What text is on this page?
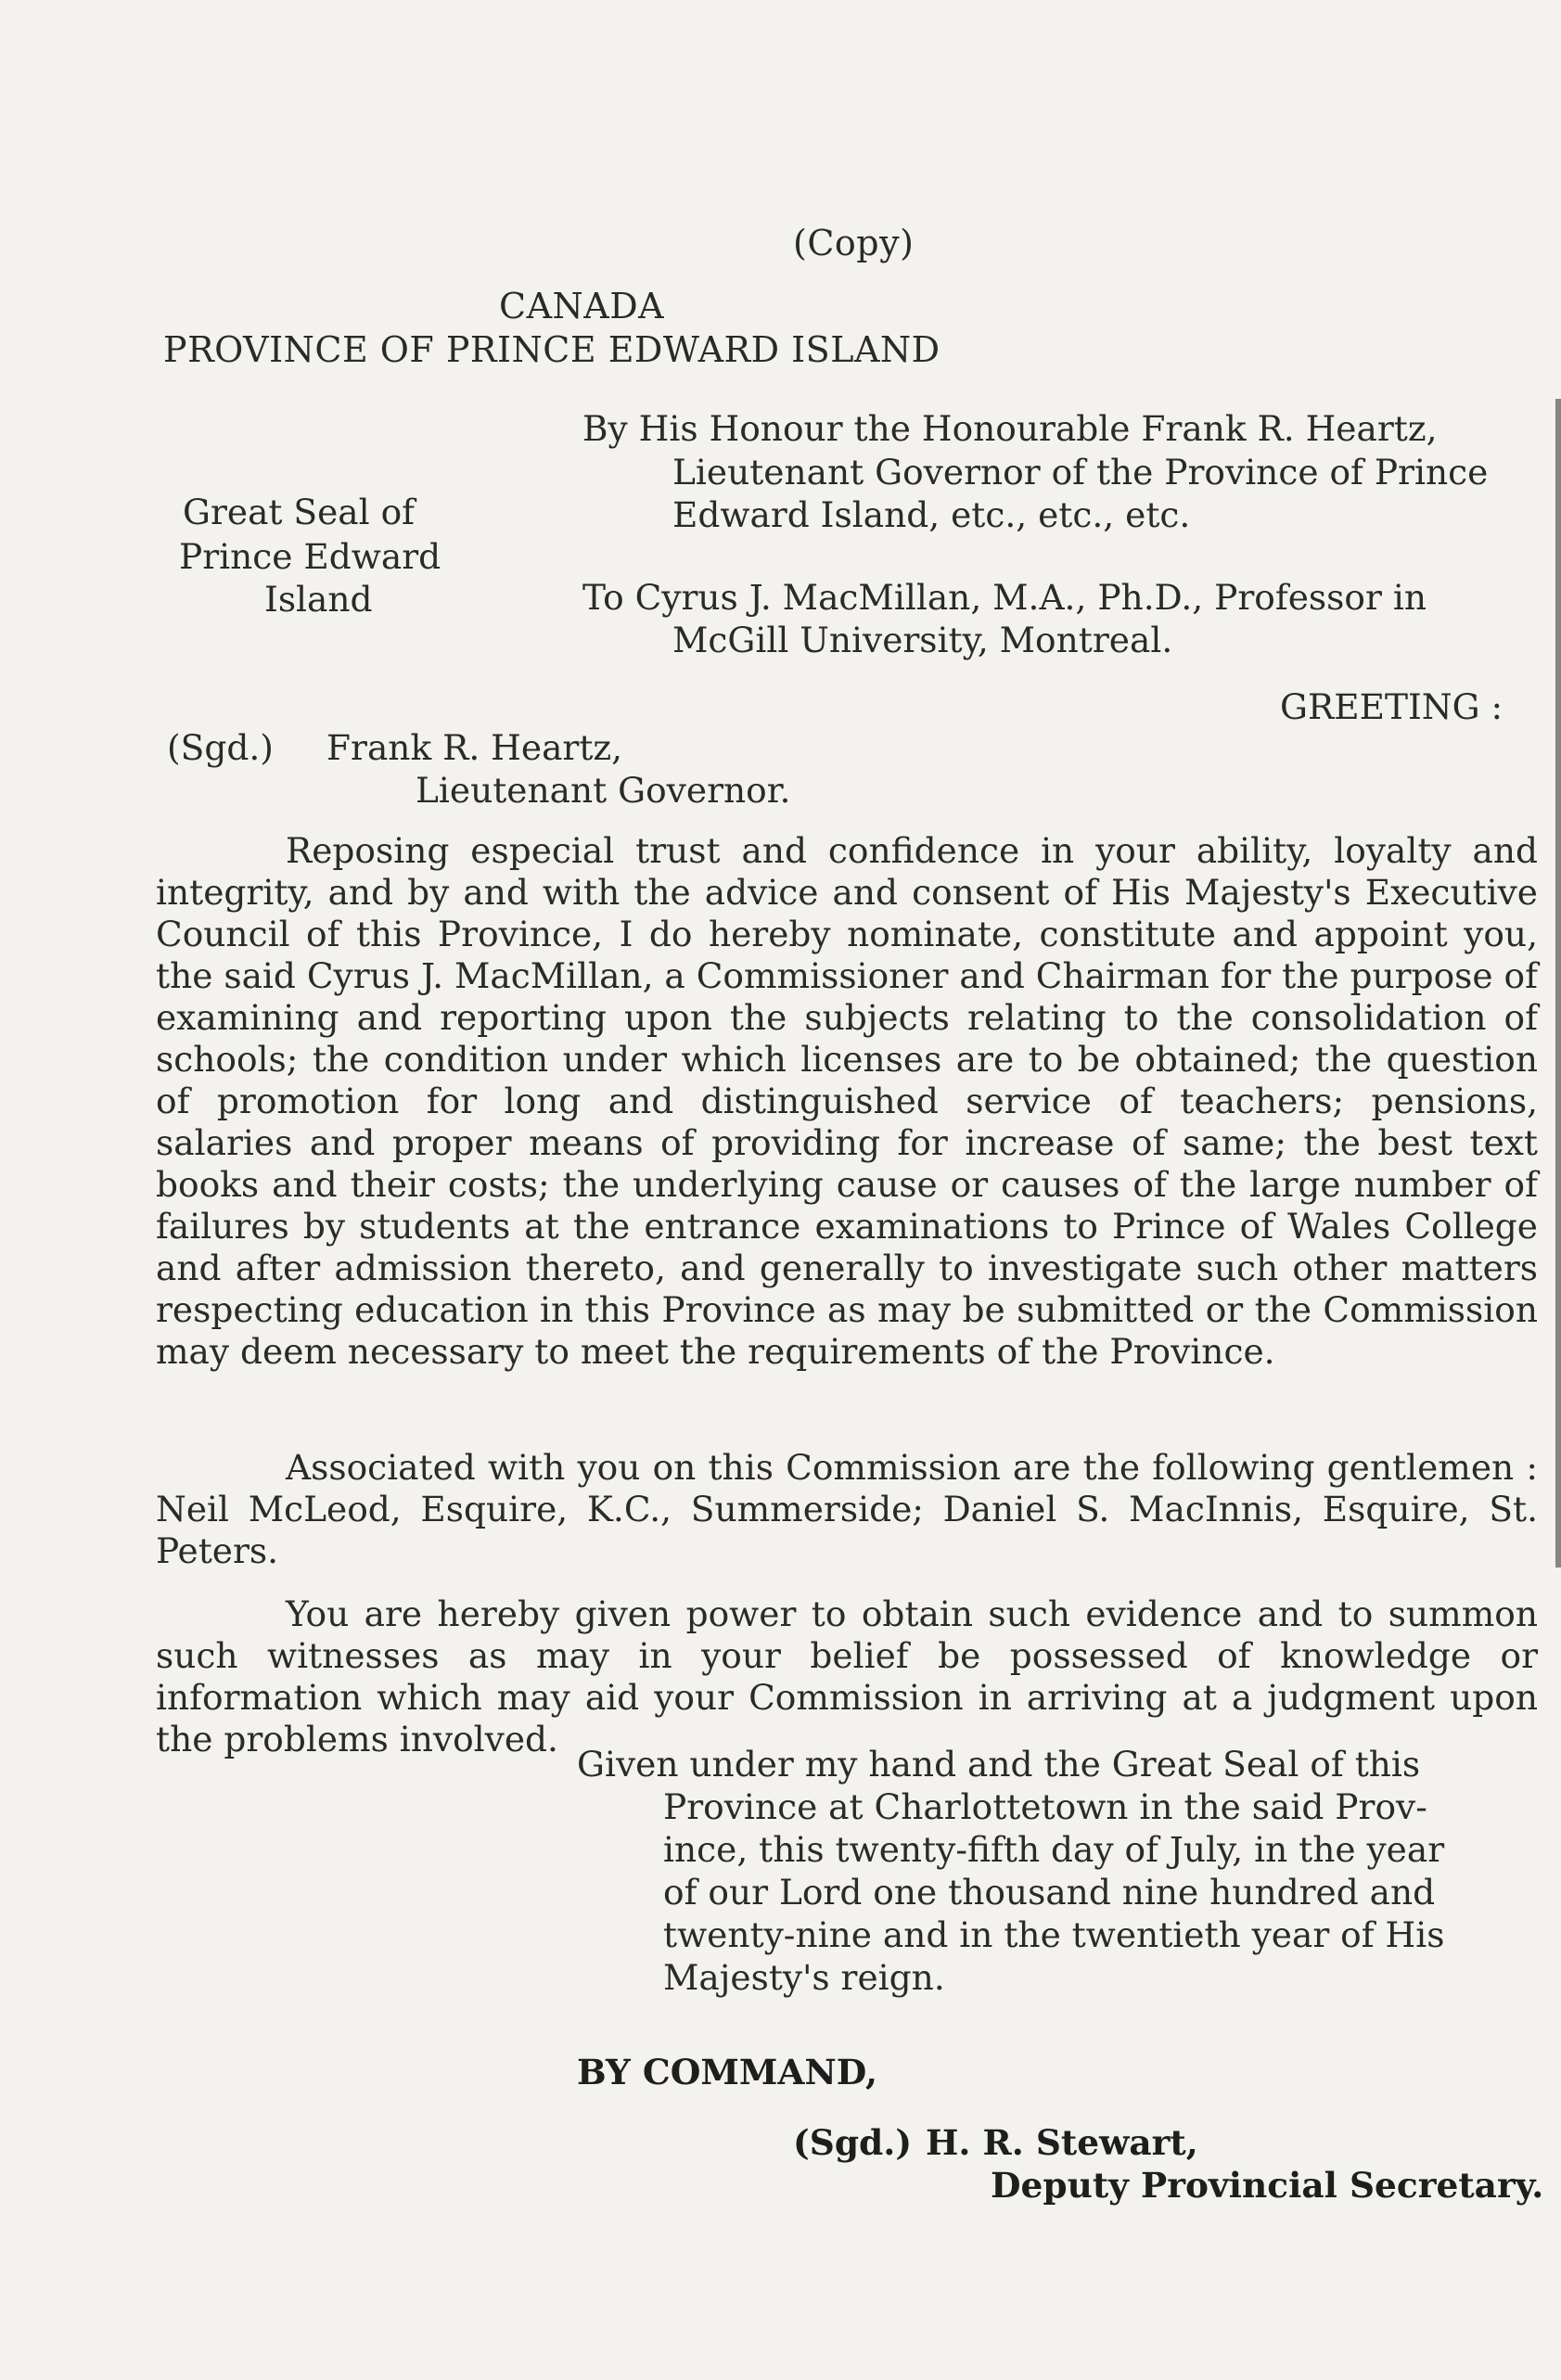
(Copy)
CANADA
PROVINCE OF PRINCE EDWARD ISLAND
Great Seal of
Prince Edward
Island
By His Honour the Honourable Frank R. Heartz,
Lieutenant Governor of the Province of Prince
Edward Island, etc., etc., etc.
To Cyrus J. MacMillan, M.A., Ph.D., Professor in
McGill University, Montreal.
GREETING :
(Sgd.) Frank R. Heartz,
Lieutenant Governor.
Reposing especial trust and confidence in your ability, loyalty and integrity, and by and with the advice and consent of His Majesty's Executive Council of this Province, I do hereby nominate, constitute and appoint you, the said Cyrus J. MacMillan, a Commissioner and Chairman for the purpose of examining and reporting upon the subjects relating to the consolidation of schools; the condition under which licenses are to be obtained; the question of promotion for long and distinguished service of teachers; pensions, salaries and proper means of providing for increase of same; the best text books and their costs; the underlying cause or causes of the large number of failures by students at the entrance examinations to Prince of Wales College and after admission thereto, and generally to investigate such other matters respecting education in this Province as may be submitted or the Commission may deem necessary to meet the requirements of the Province.
Associated with you on this Commission are the following gentlemen : Neil McLeod, Esquire, K.C., Summerside; Daniel S. MacInnis, Esquire, St. Peters.
You are hereby given power to obtain such evidence and to summon such witnesses as may in your belief be possessed of knowledge or information which may aid your Commission in arriving at a judgment upon the problems involved.
Given under my hand and the Great Seal of this
Province at Charlottetown in the said Prov-
ince, this twenty-fifth day of July, in the year
of our Lord one thousand nine hundred and
twenty-nine and in the twentieth year of His
Majesty's reign.
BY COMMAND,
(Sgd.) H. R. Stewart,
Deputy Provincial Secretary.
